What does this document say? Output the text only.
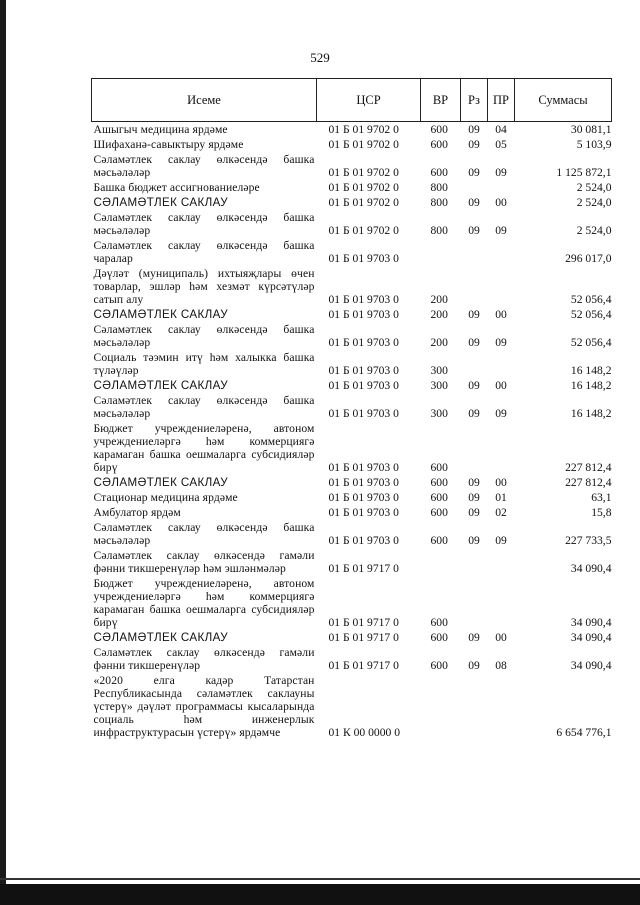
529
Исеме	ЦСР	ВР	Рз	ПР	Суммасы
Ашыгыч медицина ярдәме	01 Б 01 9702 0	600	09	04	30 081,1
Шифаханә-савыктыру ярдәме	01 Б 01 9702 0	600	09	05	5 103,9
Сәламәтлек саклау өлкәсендә башка мәсьәләләр	01 Б 01 9702 0	600	09	09	1 125 872,1
Башка бюджет ассигнованиеләре	01 Б 01 9702 0	800			2 524,0
СӘЛАМӘТЛЕК САКЛАУ	01 Б 01 9702 0	800	09	00	2 524,0
Сәламәтлек саклау өлкәсендә башка мәсьәләләр	01 Б 01 9702 0	800	09	09	2 524,0
Сәламәтлек саклау өлкәсендә башка чаралар	01 Б 01 9703 0				296 017,0
Дәүләт (муниципаль) ихтыяҗлары өчен товарлар, эшләр һәм хезмәт күрсәтүләр сатып алу	01 Б 01 9703 0	200			52 056,4
СӘЛАМӘТЛЕК САКЛАУ	01 Б 01 9703 0	200	09	00	52 056,4
Сәламәтлек саклау өлкәсендә башка мәсьәләләр	01 Б 01 9703 0	200	09	09	52 056,4
Социаль тәэмин итү һәм халыкка башка түләүләр	01 Б 01 9703 0	300			16 148,2
СӘЛАМӘТЛЕК САКЛАУ	01 Б 01 9703 0	300	09	00	16 148,2
Сәламәтлек саклау өлкәсендә башка мәсьәләләр	01 Б 01 9703 0	300	09	09	16 148,2
Бюджет учреждениеләренә, автоном учреждениеләргә һәм коммерциягә карамаган башка оешмаларга субсидияләр бирү	01 Б 01 9703 0	600			227 812,4
СӘЛАМӘТЛЕК САКЛАУ	01 Б 01 9703 0	600	09	00	227 812,4
Стационар медицина ярдәме	01 Б 01 9703 0	600	09	01	63,1
Амбулатор ярдәм	01 Б 01 9703 0	600	09	02	15,8
Сәламәтлек саклау өлкәсендә башка мәсьәләләр	01 Б 01 9703 0	600	09	09	227 733,5
Сәламәтлек саклау өлкәсендә гамәли фәнни тикшеренүләр һәм эшләнмәләр	01 Б 01 9717 0				34 090,4
Бюджет учреждениеләренә, автоном учреждениеләргә һәм коммерциягә карамаган башка оешмаларга субсидияләр бирү	01 Б 01 9717 0	600			34 090,4
СӘЛАМӘТЛЕК САКЛАУ	01 Б 01 9717 0	600	09	00	34 090,4
Сәламәтлек саклау өлкәсендә гамәли фәнни тикшеренүләр	01 Б 01 9717 0	600	09	08	34 090,4
«2020 елга кадәр Татарстан Республикасында сәламәтлек саклауны үстерү» дәүләт программасы кысаларында социаль һәм инженерлык инфраструктурасын үстерү» ярдәмче	01 К 00 0000 0				6 654 776,1
